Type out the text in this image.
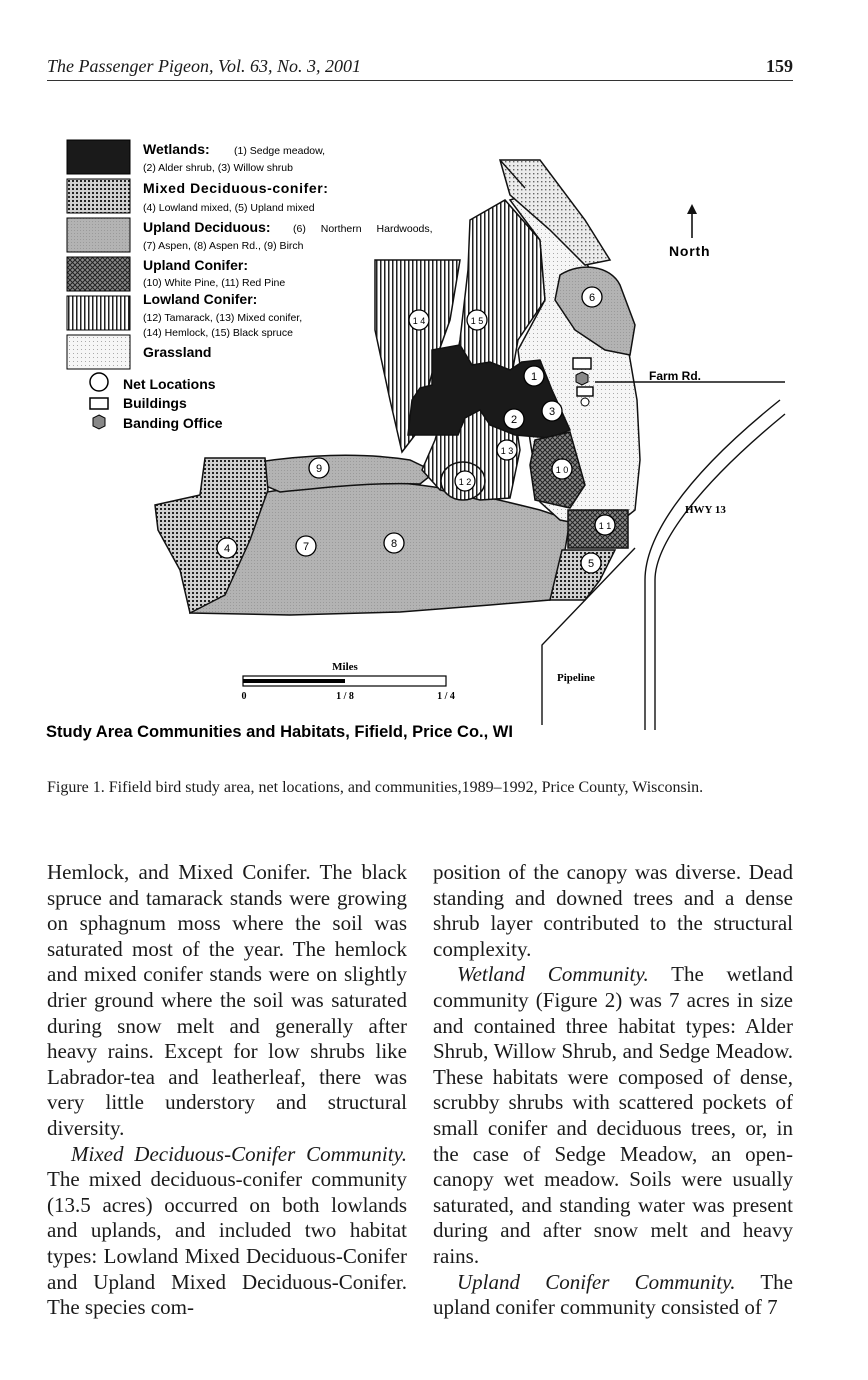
The Passenger Pigeon, Vol. 63, No. 3, 2001	159
Wetlands: (1) Sedge meadow,
(2) Alder shrub, (3) Willow shrub
Mixed Deciduous-conifer:
(4) Lowland mixed, (5) Upland mixed
Upland Deciduous: (6) Northern Hardwoods,
(7) Aspen, (8) Aspen Rd., (9) Birch
Upland Conifer:
(10) White Pine, (11) Red Pine
Lowland Conifer:
(12) Tamarack, (13) Mixed conifer,
(14) Hemlock, (15) Black spruce
Grassland
Net Locations
Buildings
Banding Office
1
2
3
4
5
6
7	8
9	1 0
1 1
1 2
1 3
1 4	1 5
North
Farm Rd.
HWY 13
Pipeline
Miles
0	1 / 8	1 / 4
Study Area Communities and Habitats, Fifield, Price Co., WI
Figure 1. Fifield bird study area, net locations, and communities,1989–1992, Price County, Wisconsin.

Hemlock, and Mixed Conifer. The black spruce and tamarack stands were growing on sphagnum moss where the soil was saturated most of the year. The hemlock and mixed conifer stands were on slightly drier ground where the soil was saturated during snow melt and generally after heavy rains. Except for low shrubs like Labrador-tea and leatherleaf, there was very little understory and structural diversity.

Mixed Deciduous-Conifer Community. The mixed deciduous-conifer community (13.5 acres) occurred on both lowlands and uplands, and included two habitat types: Lowland Mixed Deciduous-Conifer and Upland Mixed Deciduous-Conifer. The species com-

position of the canopy was diverse. Dead standing and downed trees and a dense shrub layer contributed to the structural complexity.

Wetland Community. The wetland community (Figure 2) was 7 acres in size and contained three habitat types: Alder Shrub, Willow Shrub, and Sedge Meadow. These habitats were composed of dense, scrubby shrubs with scattered pockets of small conifer and deciduous trees, or, in the case of Sedge Meadow, an open-canopy wet meadow. Soils were usually saturated, and standing water was present during and after snow melt and heavy rains.

Upland Conifer Community. The upland conifer community consisted of 7
